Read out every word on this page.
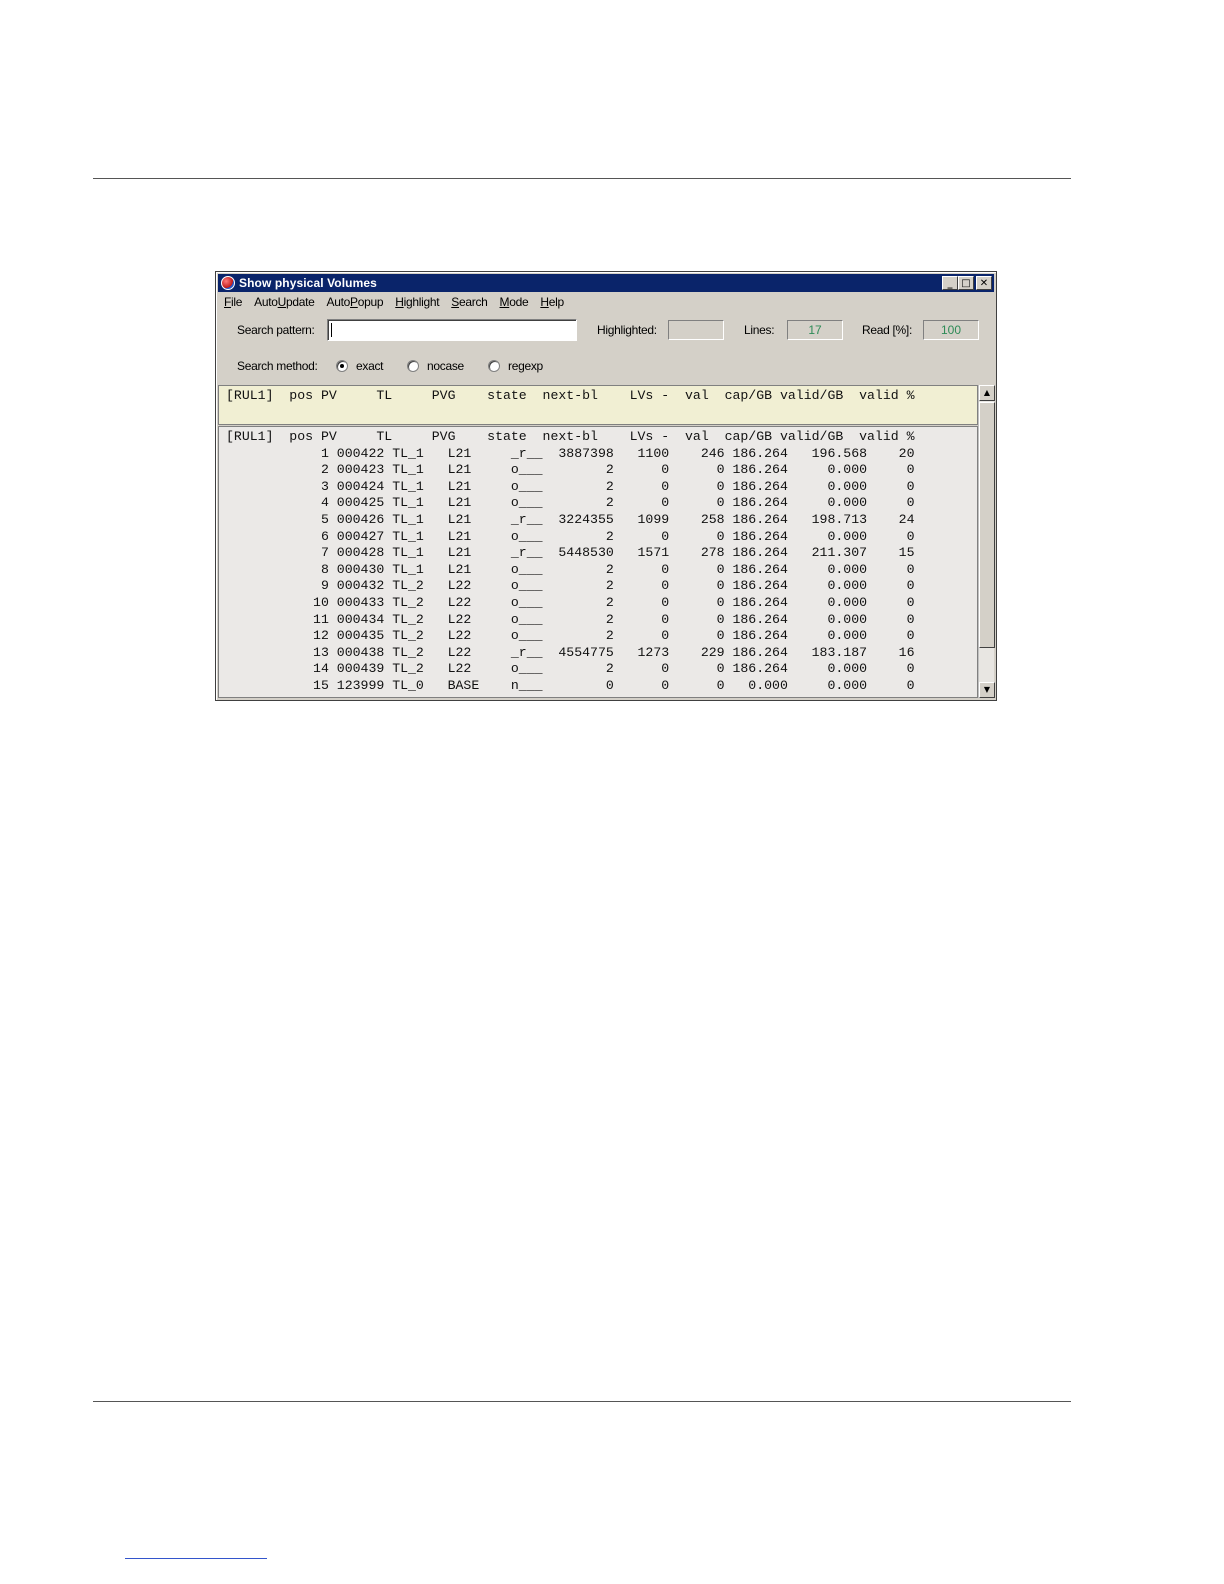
Show physical Volumes	_ □ ✕
File AutoUpdate AutoPopup Highlight Search Mode Help
Search pattern:	Highlighted:	Lines:	17	Read [%]:	100
Search method:	exact	nocase	regexp
[RUL1]  pos PV     TL     PVG    state  next-bl    LVs -  val  cap/GB valid/GB  valid %
[RUL1]  pos PV     TL     PVG    state  next-bl    LVs -  val  cap/GB valid/GB  valid %
1 000422 TL_1   L21     _r__  3887398   1100    246 186.264   196.568    20
2 000423 TL_1   L21     o___        2      0      0 186.264     0.000     0
3 000424 TL_1   L21     o___        2      0      0 186.264     0.000     0
4 000425 TL_1   L21     o___        2      0      0 186.264     0.000     0
5 000426 TL_1   L21     _r__  3224355   1099    258 186.264   198.713    24
6 000427 TL_1   L21     o___        2      0      0 186.264     0.000     0
7 000428 TL_1   L21     _r__  5448530   1571    278 186.264   211.307    15
8 000430 TL_1   L21     o___        2      0      0 186.264     0.000     0
9 000432 TL_2   L22     o___        2      0      0 186.264     0.000     0
10 000433 TL_2   L22     o___        2      0      0 186.264     0.000     0
11 000434 TL_2   L22     o___        2      0      0 186.264     0.000     0
12 000435 TL_2   L22     o___        2      0      0 186.264     0.000     0
13 000438 TL_2   L22     _r__  4554775   1273    229 186.264   183.187    16
14 000439 TL_2   L22     o___        2      0      0 186.264     0.000     0
15 123999 TL_0   BASE    n___        0      0      0   0.000     0.000     0
▲
▼
